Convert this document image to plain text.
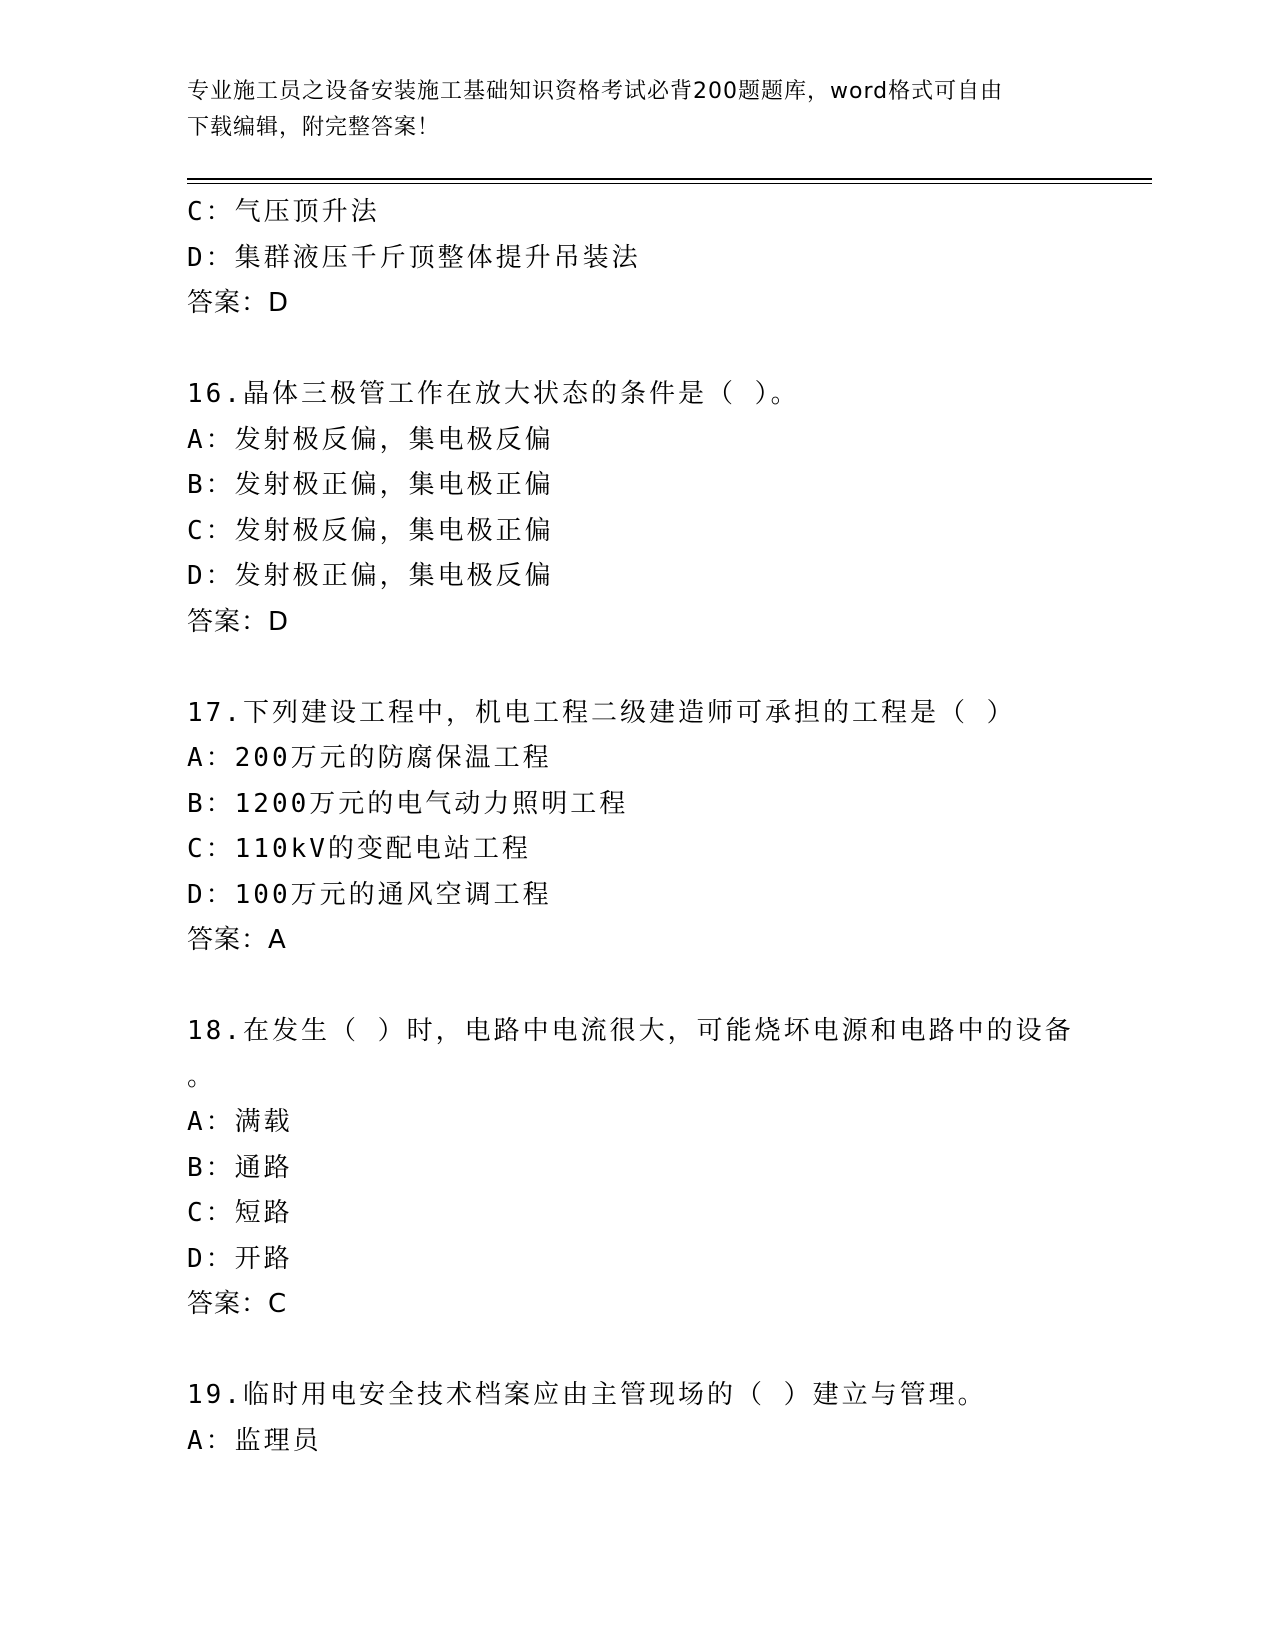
专业施工员之设备安装施工基础知识资格考试必背200题题库，word格式可自由
下载编辑，附完整答案！
C：气压顶升法
D：集群液压千斤顶整体提升吊装法
答案：D
16.晶体三极管工作在放大状态的条件是（ ）。
A：发射极反偏，集电极反偏
B：发射极正偏，集电极正偏
C：发射极反偏，集电极正偏
D：发射极正偏，集电极反偏
答案：D
17.下列建设工程中，机电工程二级建造师可承担的工程是（ ）
A：200万元的防腐保温工程
B：1200万元的电气动力照明工程
C：110kV的变配电站工程
D：100万元的通风空调工程
答案：A
18.在发生（ ）时，电路中电流很大，可能烧坏电源和电路中的设备
。
A：满载
B：通路
C：短路
D：开路
答案：C
19.临时用电安全技术档案应由主管现场的（ ）建立与管理。
A：监理员
